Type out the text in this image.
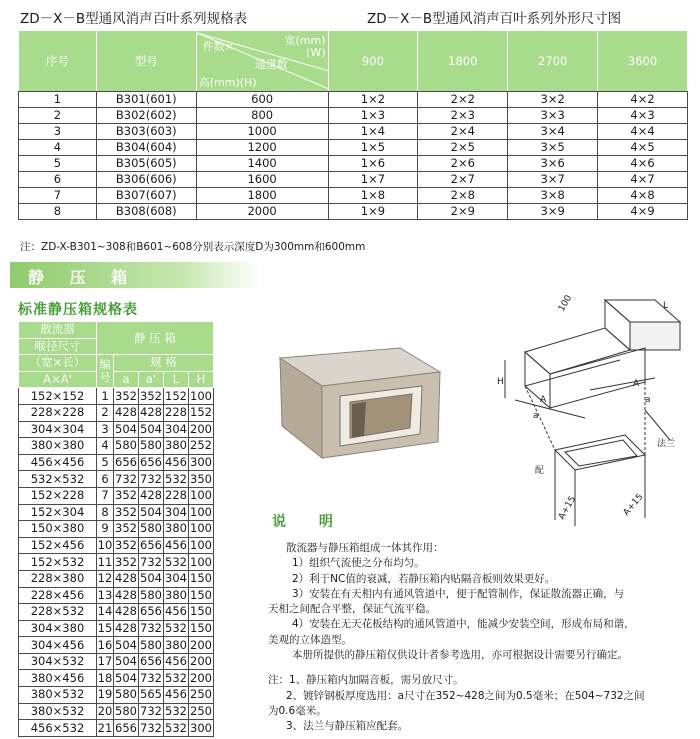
ZD－X－B型通风消声百叶系列规格表	ZD－X－B型通风消声百叶系列外形尺寸图
序号	型号	宽(mm)
(W)
件数×
通道数
高(mm)(H)	900	1800	2700	3600
1	B301(601)	600	1×2	2×2	3×2	4×2
2	B302(602)	800	1×3	2×3	3×3	4×3
3	B303(603)	1000	1×4	2×4	3×4	4×4
4	B304(604)	1200	1×5	2×5	3×5	4×5
5	B305(605)	1400	1×6	2×6	3×6	4×6
6	B306(606)	1600	1×7	2×7	3×7	4×7
7	B307(607)	1800	1×8	2×8	3×8	4×8
8	B308(608)	2000	1×9	2×9	3×9	4×9
注：ZD-X-B301~308和B601~608分别表示深度D为300mm和600mm
静 压 箱
标准静压箱规格表
散流器	静 压 箱				
喉径尺寸					
（宽×长）	编号	规 格			
A×A'		a	a'	L	H
152×152	1	352	352	152	100
228×228	2	428	428	228	152
304×304	3	504	504	304	200
380×380	4	580	580	380	252
456×456	5	656	656	456	300
532×532	6	732	732	532	350
152×228	7	352	428	228	100
152×304	8	352	504	304	100
150×380	9	352	580	380	100
152×456	10	352	656	456	100
152×532	11	352	732	532	100
228×380	12	428	504	304	150
228×456	13	428	580	380	150
228×532	14	428	656	456	150
304×380	15	428	732	532	150
304×456	16	504	580	380	200
304×532	17	504	656	456	200
380×456	18	504	732	532	200
380×532	19	580	565	456	250
380×532	20	580	732	532	250
456×532	21	656	732	532	300
100	L
H
A
a
A
a
法兰
配
A+15	A+15
说 明
散流器与静压箱组成一体其作用：
1）组织气流使之分布均匀。
2）利于NC值的衰减，若静压箱内贴隔音板则效果更好。
3）安装在有天相内有通风管道中，便于配管制作，保证散流器正确，与
天相之间配合平整，保证气流平稳。
4）安装在无天花板结构的通风管道中，能减少安装空间，形成布局和谐，
美观的立体造型。
本册所提供的静压箱仅供设计者参考选用，亦可根据设计需要另行确定。
注：1、静压箱内加隔音板，需另放尺寸。
2、镀锌钢板厚度选用：a尺寸在352~428之间为0.5毫米；在504~732之间
为0.6毫米。
3、法兰与静压箱应配套。
